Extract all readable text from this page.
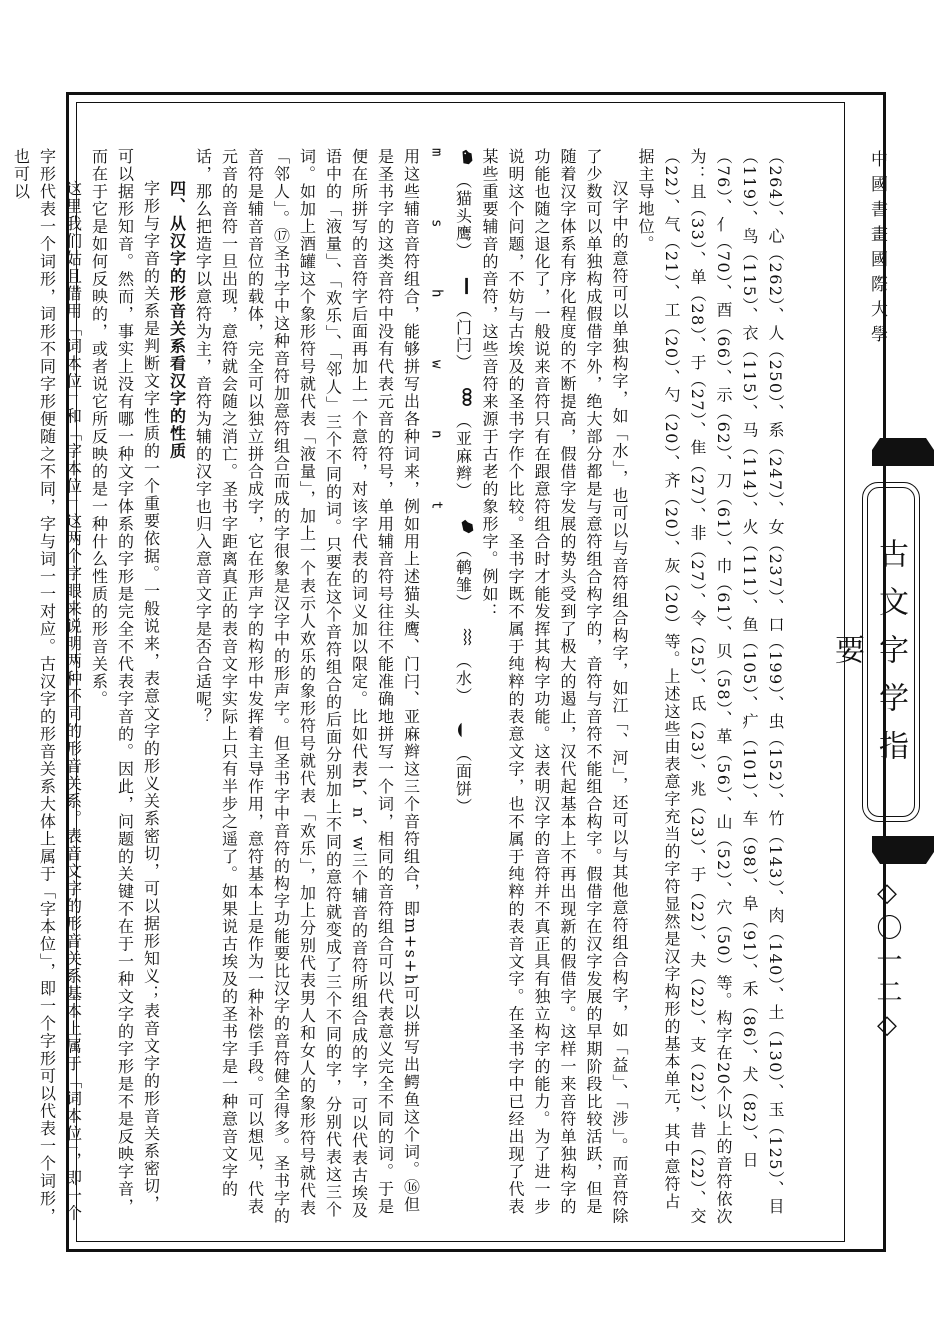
（264）、心（262）、人（250）、系（247）、女（237）、口（199）、虫（152）、竹（143）、肉（140）、土（130）、玉（125）、目（119）、鸟（115）、衣（115）、马（114）、火（111）、鱼（105）、疒（101）、车（98）、阜（91）、禾（86）、犬（82）、日（76）、亻（70）、酉（66）、示（62）、刀（61）、巾（61）、贝（58）、革（56）、山（52）、穴（50）等。构字在20个以上的音符依次为：且（33）、单（28）、于（27）、隹（27）、非（27）、令（25）、氐（23）、兆（23）、于（22）、夬（22）、支（22）、昔（22）、交（22）、气（21）、工（20）、勺（20）、齐（20）、灰（20）等。上述这些由表意字充当的字符显然是汉字构形的基本单元，其中意符占据主导地位。

汉字中的意符可以单独构字，如「水」，也可以与音符组合构字，如江「、河」，还可以与其他意符组合构字，如「益」、「涉」。而音符除了少数可以单独构成假借字外，绝大部分都是与意符组合构字的，音符与音符不能组合构字。假借字在汉字发展的早期阶段比较活跃，但是随着汉字体系有序化程度的不断提高，假借字发展的势头受到了极大的遏止，汉代起基本上不再出现新的假借字。这样一来音符单独构字的功能也随之退化了，一般说来音符只有在跟意符组合时才能发挥其构字功能。这表明汉字的音符并不真正具有独立构字的能力。为了进一步说明这个问题，不妨与古埃及的圣书字作个比较。圣书字既不属于纯粹的表意文字，也不属于纯粹的表音文字。在圣书字中已经出现了代表某些重要辅音的音符，这些音符来源于古老的象形字。例如：

（猫头鹰）  （门闩）  （亚麻辫）  （鹌雏）  （水）  （面饼）
m s h w n t

用这些辅音音符组合，能够拼写出各种词来，例如用上述猫头鹰、门闩、亚麻辫这三个音符组合，即m+s+h可以拼写出鳄鱼这个词。⑯但是圣书字的这类音符中没有代表元音的符号，单用辅音符号往往不能准确地拼写一个词，相同的音符组合可以代表意义完全不同的词。于是便在所拼写的音符字后面再加上一个意符，对该字代表的词义加以限定。比如代表h、n、w三个辅音的音符所组合成的字，可以代表古埃及语中的「液量」、「欢乐」、「邻人」三个不同的词。只要在这个音符组合的后面分别加上不同的意符就变成了三个不同的字，分别代表这三个词。如加上酒罐这个象形符号就代表「液量」，加上一个表示人欢乐的象形符号就代表「欢乐」，加上分别代表男人和女人的象形符号就代表「邻人」。⑰圣书字中这种音符加意符组合而成的字很象是汉字中的形声字。但圣书字中音符的构字功能要比汉字的音符健全得多。圣书字的音符是辅音音位的载体，完全可以独立拼合成字，它在形声字的构形中发挥着主导作用，意符基本上是作为一种补偿手段。可以想见，代表元音的音符一旦出现，意符就会随之消亡。圣书字距离真正的表音文字实际上只有半步之遥了。如果说古埃及的圣书字是一种意音文字的话，那么把造字以意符为主，音符为辅的汉字也归入意音文字是否合适呢？

四、从汉字的形音关系看汉字的性质

字形与字音的关系是判断文字性质的一个重要依据。一般说来，表意文字的形义关系密切，可以据形知义；表音文字的形音关系密切，可以据形知音。然而，事实上没有哪一种文字体系的字形是完全不代表字音的。因此，问题的关键不在于一种文字的字形是不是反映字音，而在于它是如何反映的，或者说它所反映的是一种什么性质的形音关系。

这里我们姑且借用「词本位」和「字本位」这两个字眼来说明两种不同的形音关系。表音文字的形音关系基本上属于「词本位」，即一个字形代表一个词形，词形不同字形便随之不同，字与词一一对应。古汉字的形音关系大体上属于「字本位」，即一个字形可以代表一个词形，也可以	中國書畫國際大學
古文字学指要
◇〇一二◇
